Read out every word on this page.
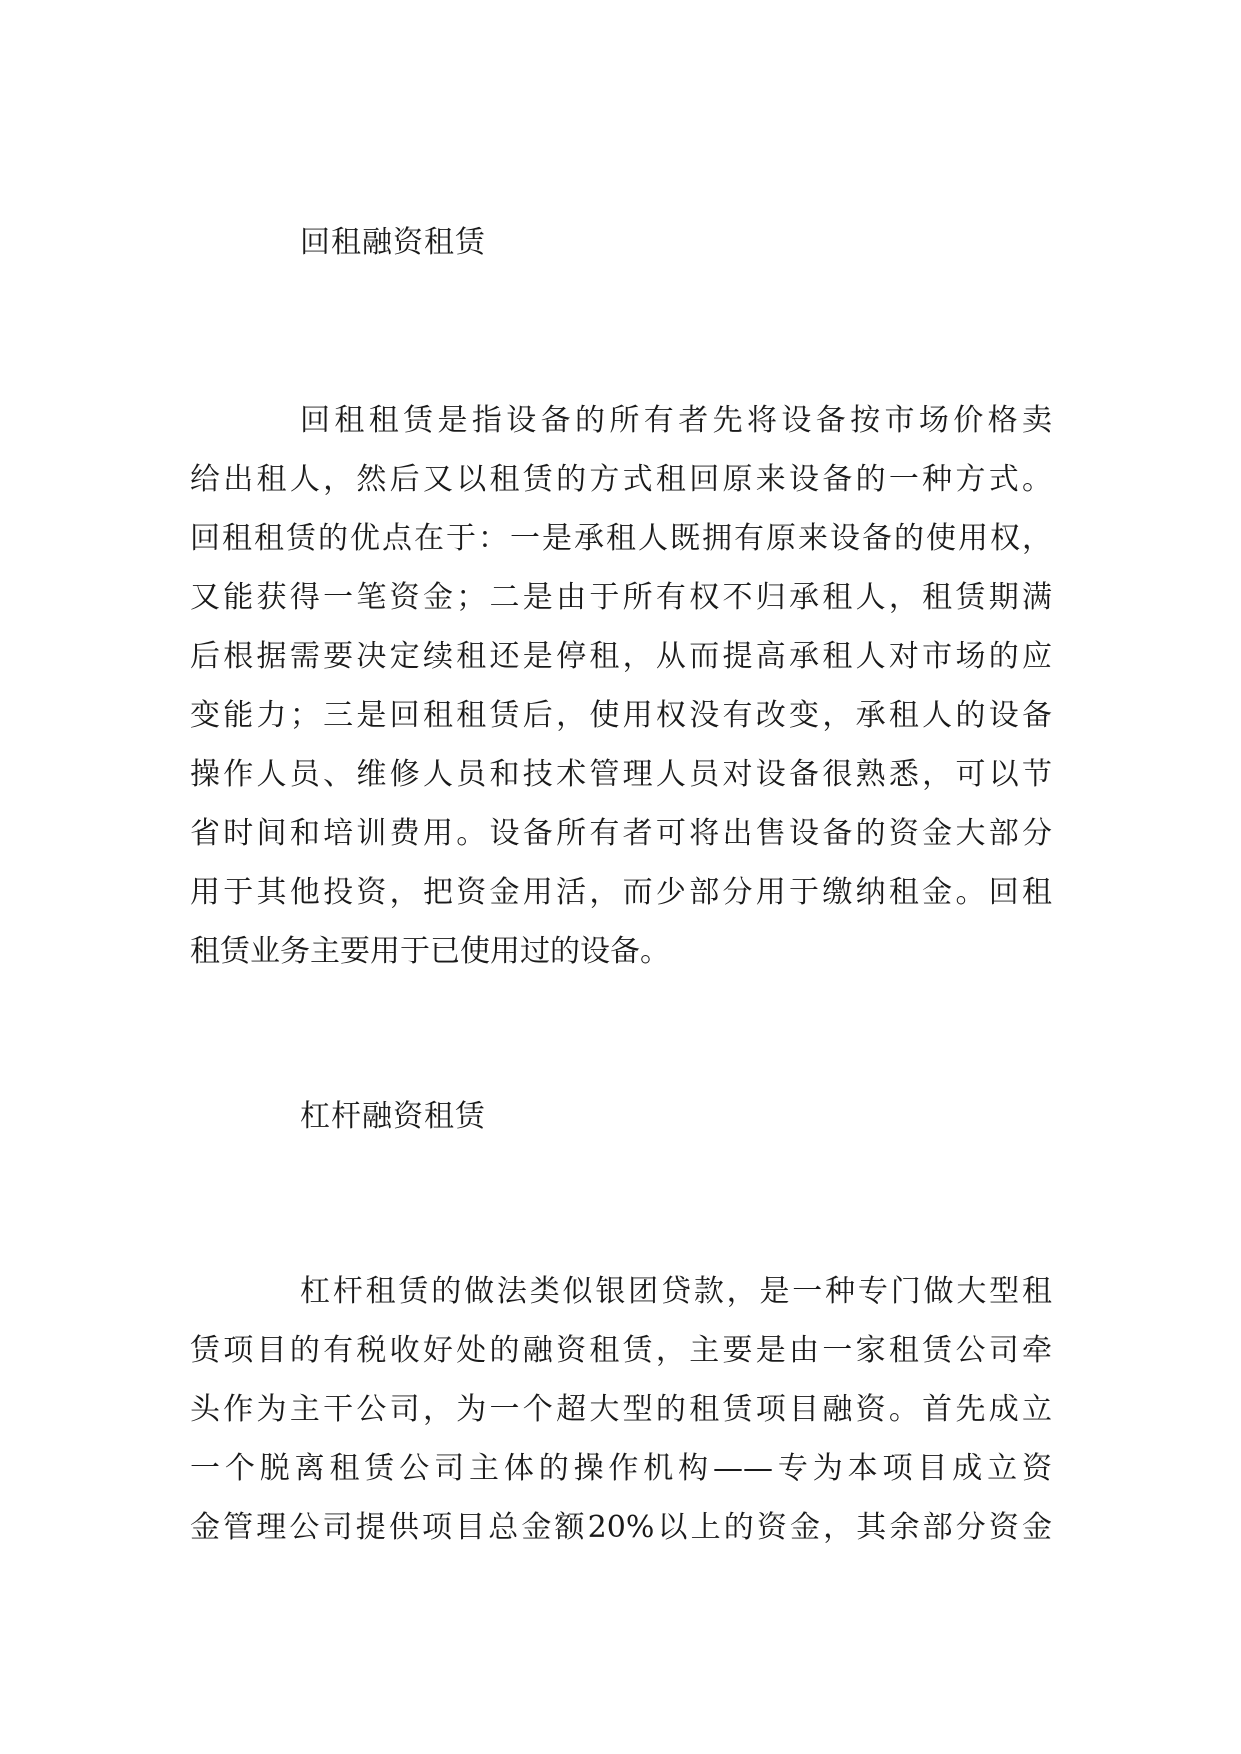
回租融资租赁
回租租赁是指设备的所有者先将设备按市场价格卖
给出租人，然后又以租赁的方式租回原来设备的一种方式。
回租租赁的优点在于：一是承租人既拥有原来设备的使用权，
又能获得一笔资金；二是由于所有权不归承租人，租赁期满
后根据需要决定续租还是停租，从而提高承租人对市场的应
变能力；三是回租租赁后，使用权没有改变，承租人的设备
操作人员、维修人员和技术管理人员对设备很熟悉，可以节
省时间和培训费用。设备所有者可将出售设备的资金大部分
用于其他投资，把资金用活，而少部分用于缴纳租金。回租
租赁业务主要用于已使用过的设备。
杠杆融资租赁
杠杆租赁的做法类似银团贷款，是一种专门做大型租
赁项目的有税收好处的融资租赁，主要是由一家租赁公司牵
头作为主干公司，为一个超大型的租赁项目融资。首先成立
一个脱离租赁公司主体的操作机构——专为本项目成立资
金管理公司提供项目总金额20%以上的资金，其余部分资金
